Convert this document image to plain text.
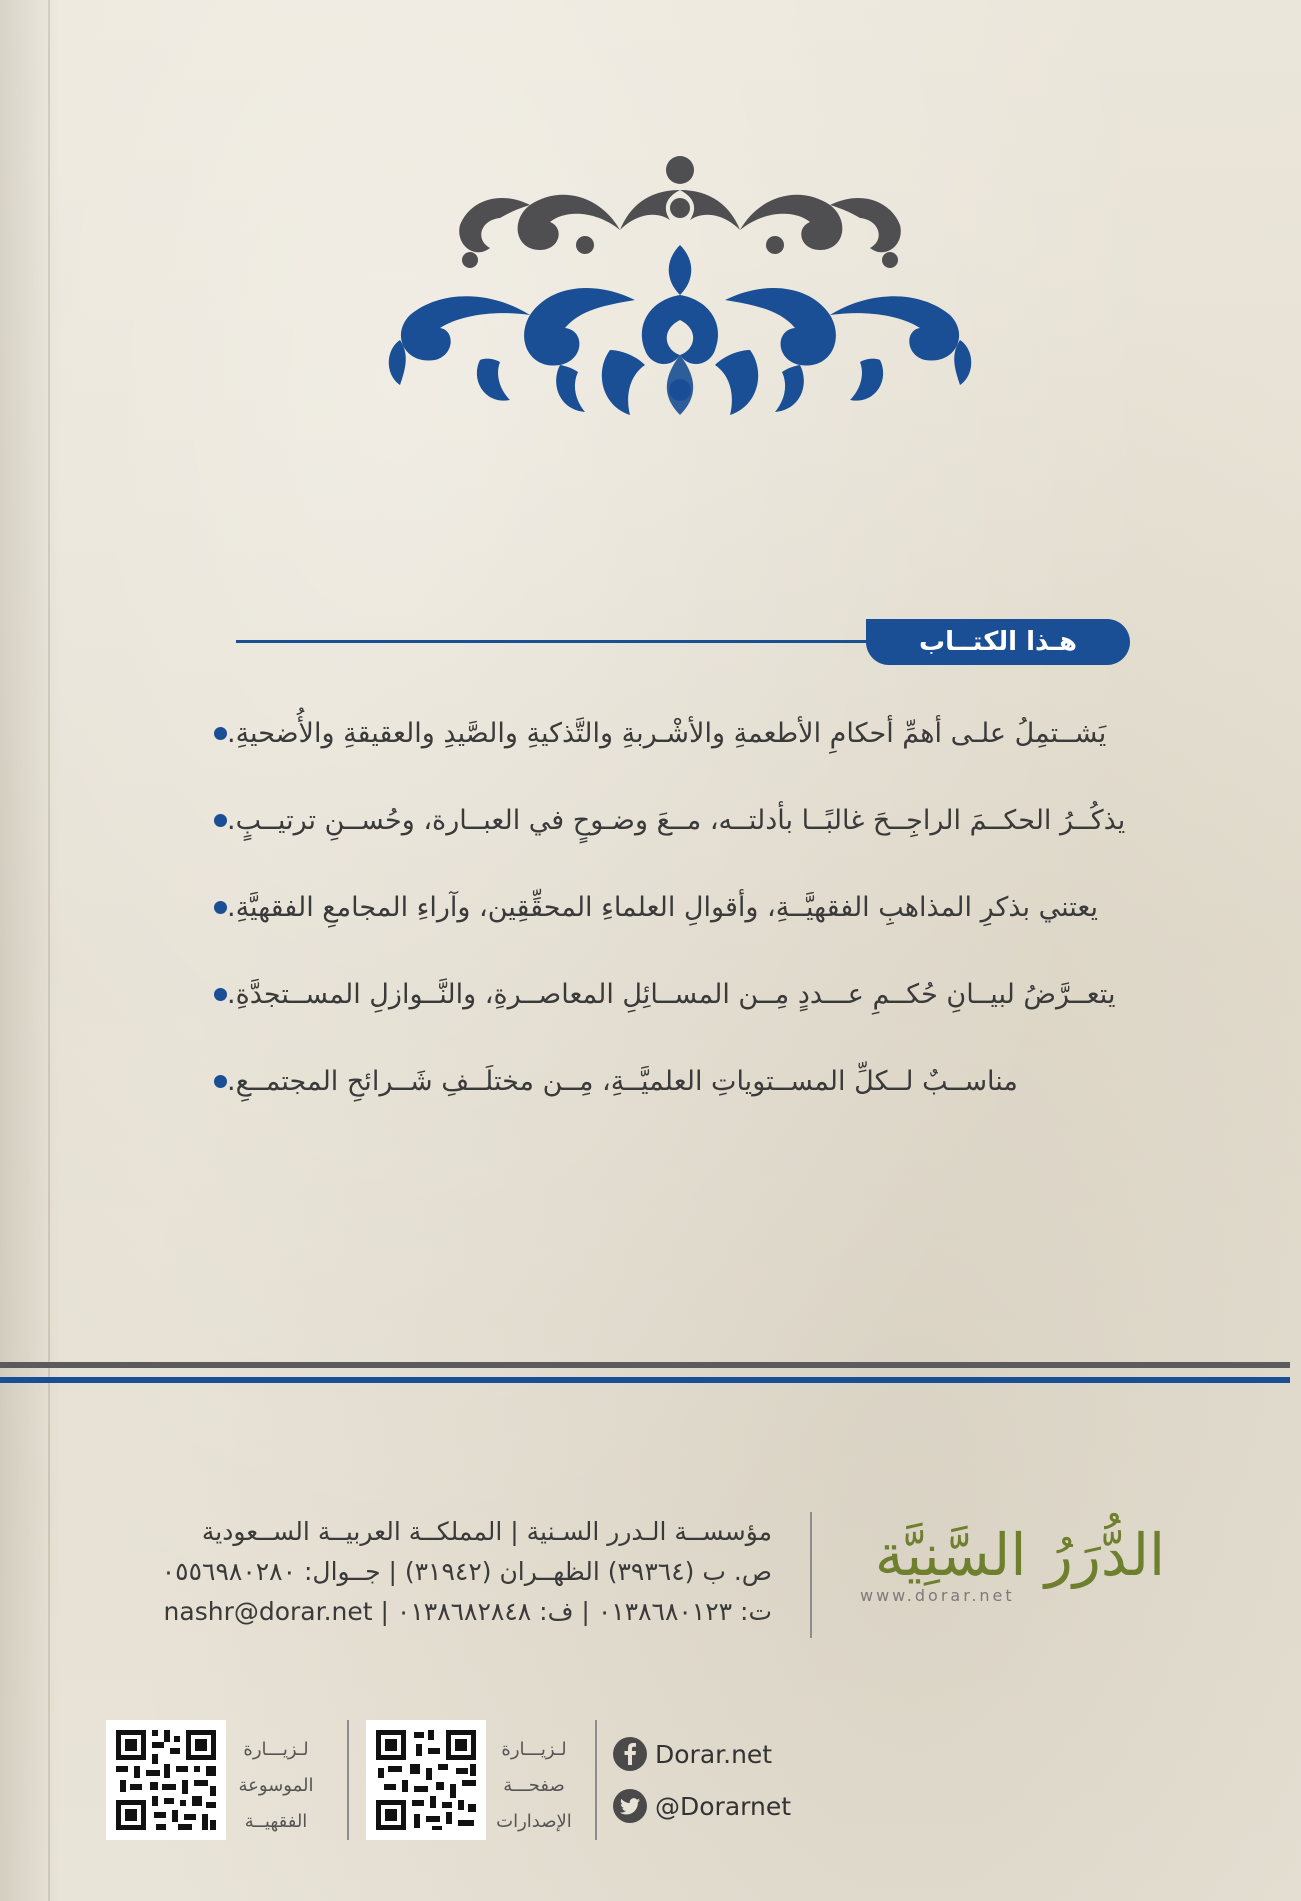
هـذا الكتــاب
يَشــتمِلُ علـى أهمِّ أحكامِ الأطعمةِ والأشْـربةِ والتَّذكيةِ والصَّيدِ والعقيقةِ والأُضحيةِ.
يذكُــرُ الحكــمَ الراجِــحَ غالبًــا بأدلتــه، مــعَ وضـوحٍ في العبــارة، وحُســنِ ترتيــبٍ.
يعتني بذكرِ المذاهبِ الفقهيَّــةِ، وأقوالِ العلماءِ المحقِّقِين، وآراءِ المجامعِ الفقهيَّةِ.
يتعــرَّضُ لبيــانِ حُكــمِ عـــددٍ مِــن المســائِلِ المعاصــرةِ، والنَّــوازلِ المســتجدَّةِ.
مناســبٌ لــكلِّ المســتوياتِ العلميَّــةِ، مِــن مختلَــفِ شَــرائحِ المجتمــعِ.
الدُّرَرُ السَّنِيَّة
www.dorar.net
مؤسســة الـدرر السـنية | المملكــة العربيــة الســعودية
ص. ب (٣٩٣٦٤) الظهــران (٣١٩٤٢) | جــوال: ٠٥٥٦٩٨٠٢٨٠
ت: ٠١٣٨٦٨٠١٢٣ | ف: ٠١٣٨٦٨٢٨٤٨ | nashr@dorar.net
لـزيـــارة
الموسوعة
الفقهيــة
لـزيـــارة
صفحـــة
الإصدارات
Dorar.net
@Dorarnet
